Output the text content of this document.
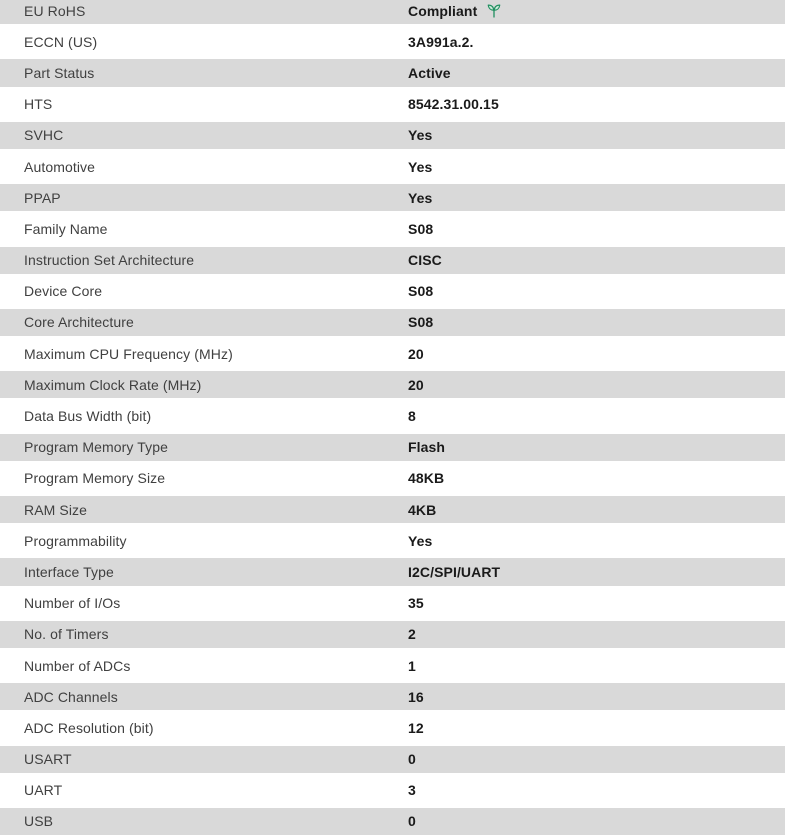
EU RoHS	Compliant
ECCN (US)	3A991a.2.
Part Status	Active
HTS	8542.31.00.15
SVHC	Yes
Automotive	Yes
PPAP	Yes
Family Name	S08
Instruction Set Architecture	CISC
Device Core	S08
Core Architecture	S08
Maximum CPU Frequency (MHz)	20
Maximum Clock Rate (MHz)	20
Data Bus Width (bit)	8
Program Memory Type	Flash
Program Memory Size	48KB
RAM Size	4KB
Programmability	Yes
Interface Type	I2C/SPI/UART
Number of I/Os	35
No. of Timers	2
Number of ADCs	1
ADC Channels	16
ADC Resolution (bit)	12
USART	0
UART	3
USB	0
